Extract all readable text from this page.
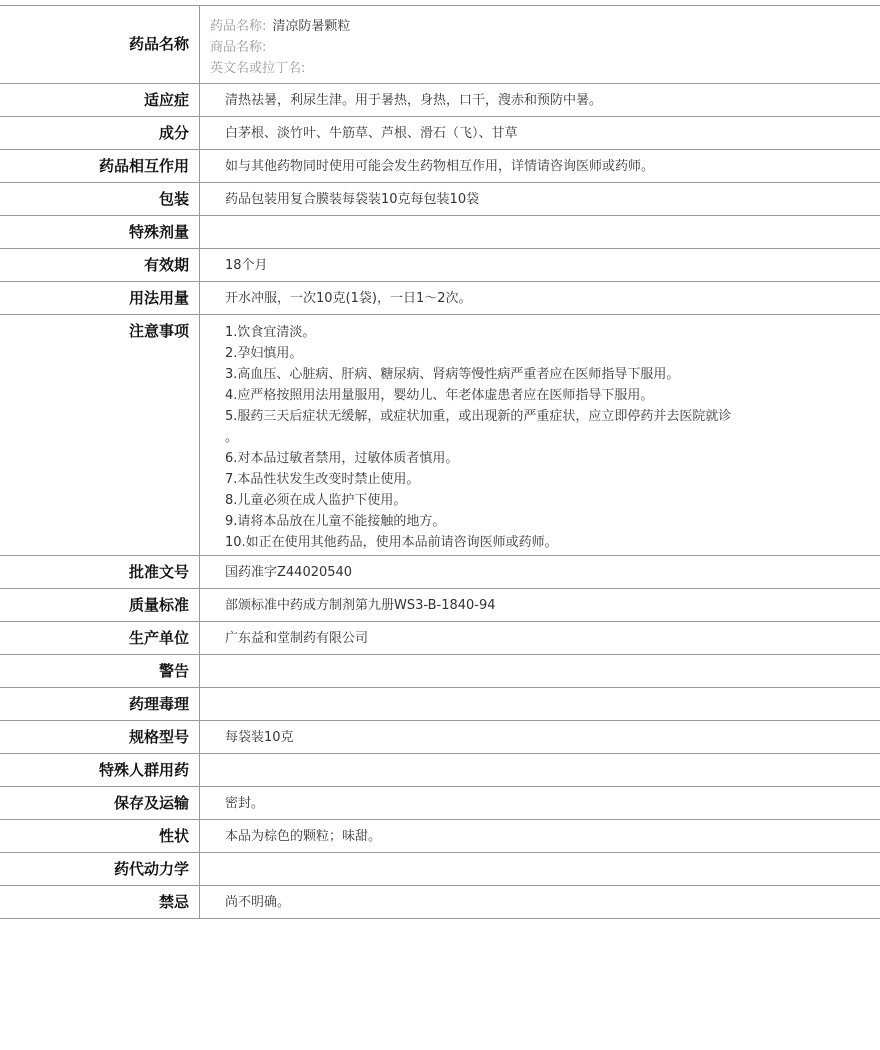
药品名称
药品名称: 清凉防暑颗粒
商品名称:
英文名或拉丁名:
适应症	清热祛暑，利尿生津。用于暑热，身热，口干，溲赤和预防中暑。
成分	白茅根、淡竹叶、牛筋草、芦根、滑石（飞）、甘草
药品相互作用	如与其他药物同时使用可能会发生药物相互作用，详情请咨询医师或药师。
包装	药品包装用复合膜装每袋装10克每包装10袋
特殊剂量
有效期	18个月
用法用量	开水冲服，一次10克(1袋)，一日1～2次。
注意事项	1.饮食宜清淡。
2.孕妇慎用。
3.高血压、心脏病、肝病、糖尿病、肾病等慢性病严重者应在医师指导下服用。
4.应严格按照用法用量服用，婴幼儿、年老体虚患者应在医师指导下服用。
5.服药三天后症状无缓解，或症状加重，或出现新的严重症状，应立即停药并去医院就诊
。
6.对本品过敏者禁用，过敏体质者慎用。
7.本品性状发生改变时禁止使用。
8.儿童必须在成人监护下使用。
9.请将本品放在儿童不能接触的地方。
10.如正在使用其他药品，使用本品前请咨询医师或药师。
批准文号	国药准字Z44020540
质量标准	部颁标准中药成方制剂第九册WS3-B-1840-94
生产单位	广东益和堂制药有限公司
警告
药理毒理
规格型号	每袋装10克
特殊人群用药
保存及运输	密封。
性状	本品为棕色的颗粒；味甜。
药代动力学
禁忌	尚不明确。
